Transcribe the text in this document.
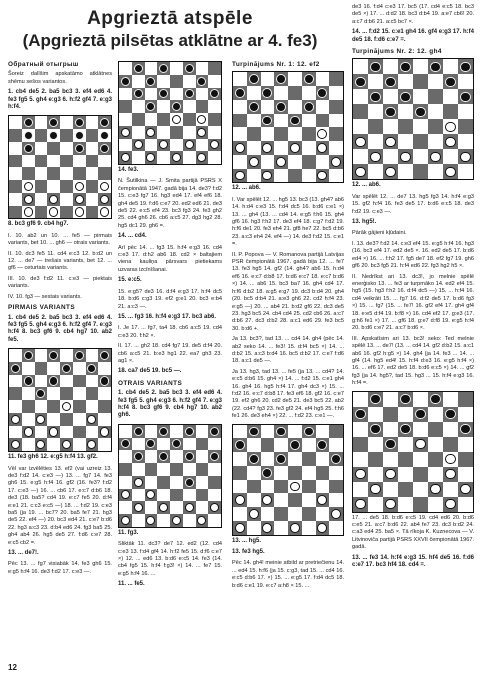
Apgrieztā atspēle
(Apgrieztā pilsētas atklātne ar 4. fe3)

Обратный отыгрыш

Šoreiz dalīšim apskatāmo atklātnes shēmu sešos variantos.

1. cb4 de5 2. ba5 bc3 3. ef4 ed6 4. fe3 fg5 5. gh4 e:g3 6. h:f2 gf4 7. e:g3 h:f4.

8. bc3 gf6 9. cb4 hg7.

I. 10. ab2 un 10. ... fe5 — pirmais variants, bet 10. ... gh6 — otrais variants.

II. 10. dc3 fe5 11. cd4 e:c3 12. b:d2 un 12. ... de7 — trešais variants, bet 12. ... gf6 — ceturtais variants.

III. 10. de3 f:d2 11. c:e3 — piektais variants.

IV. 10. fg3 — sestais variants.

PIRMAIS VARIANTS

1. cb4 de5 2. ba5 bc3 3. ef4 ed6 4. fe3 fg5 5. gh4 e:g3 6. h:f2 gf4 7. e:g3 h:f4 8. bc3 gf6 9. cb4 hg7 10. ab2 fe5.

11. fe3 gh6 12. e:g5 h:f4 13. gf2.

Vēl var izvēlēties 13. ef2 (vai uzreiz 13. de3 f:d2 14. c:e3 —) 13. ... fg7 14. fe3 gh6 15. e:g5 h:f4 16. gf2 (16. fe3? f:d2 17. c:e3 —) 16. ... cb6 17. e:c7 d:b6 18. de3 (18. ba5? cd4 19. e:c7 fe5 20. d:f4 e:e1 21. c:c3 e:c5 —) 18. ... f:d2 19. c:e3 ba5 (ja 19. ... bc7? 20. ba5 fe7 21. hg3 de5 22. ef4 —) 20. bc3 ed4 21. c:e7 b:d6 22. hg3 a:c3 23. d:b4 ed6 24. fg3 ba5 25. gh4 ab4 26. hg5 de5 27. f:d6 c:e7 28. e:c5 cb2 =.

13. ... de7!.

Pēc 13. ... fg7 visiabāk 14. fe3 gh6 15. e:g5 h:f4 16. de3 f:d2 17. c:e3 —.

14. fe3.

N. Šutilkina — J. Smita partijā PSRS X čempionātā 1947. gadā bija 14. de3? f:d2 15. c:e3 fg7 16. hg3 ed4 17. ef4 ef6 18. gh4 de5 19. f:d6 c:e7 20. ed2 ed6 21. de3 de5 22. e:c5 ef4 23. bc3 fg3 24. fe3 gh2 25. cd4 gh6 26. cb6 a:c5 27. dg3 hg2 28. hg5 dc1 29. gh6 =.

14. ... cd4.

Arī pēc 14. ... fg3 15. h:f4 e:g3 16. cd4 c:e3 17. d:h2 ab6 18. cd2 × baltajiem viena kauliņa pārsvars pietiekams uzvaras izcīnīšanai.

15. e:c5.

15. e:g5? de3 16. d:f4 e:g3 17. h:f4 dc5 18. b:d6 c:g3 19. ef2 g:e1 20. bc3 e:b4 21. a:c3 —.

15. ... fg3 16. h:f4 e:g3 17. bc3 ab6.

I. Je 17. ... fg7, ta4 18. cb6 a:c5 19. cd4 c:e3 20. f:h2 ×.

II. 17. ... gh2 18. cd4 fg7 19. de5 d:f4 20. cb6 a:c5 21. b:e3 hg1 22. ea7 gh3 23. ag1 ×.

18. ca7 de5 19. bc5 —.

OTRAIS VARIANTS

1. cb4 de5 2. ba5 bc3 3. ef4 ed6 4. fe3 fg5 5. gh4 e:g3 6. h:f2 gf4 7. e:g3 h:f4 8. bc3 gf6 9. cb4 hg7 10. ab2 gh6.

11. fg3.

Sliktāk 11. dc3? de7 12. ed2 (12. cd4 c:e3 13. f:d4 gf4 14. h:f2 fe5 15. d:f6 c:e7 ×) 12. ... ed6 13. b:d6 e:c5 14. fe3 (14. cb4 fg5 15. h:f4 f:g3! ×) 14. ... fe7 15. e:g5 h:f4 16. ...

11. ... fe5.

Turpinājums Nr. 1: 12. ef2

12. ... ab6.

I. Var spēlēt 12. ... hg5 13. bc3 (13. gh4? ab6 14. h:d4 c:e3 15. f:d4 dc5 16. b:d6 c:e1 ×) 13. ... gh4 (13. ... cd4 14. e:g5 f:h6 15. gh4 gf6 16. hg3 f:h2 17. de3 ef4 18. c:g7 f:d2 19. h:f6 de1 20. fe3 eh4 21. gf8 he7 22. bc5 d:b6 23. a:c3 eh4 24. ef4 —) 14. de3 f:d2 15. c:e1 =.

II. P. Popova — V. Romanova partijā Latvijas PSR čempionātā 1967. gadā bija 12. ... fe7 13. fe3 hg5 14. gf2 (14. gh4? ab6 15. h:d4 ef6 16. e:c7 d:b8 17. b:d6 e:c7 18. e:c7 b:d6 ×) 14. ... ab6 15. bc3 ba7 16. gh4 cd4 17. h:f6 d:b2 18. a:g5 e:g7 19. dc3 b:d4 20. gh4 (20. bc5 d:b4 21. a:e3 gh6 22. cd2 h:f4 23. e:g5 —) 20. ... ab4 21. b:d2 gf6 22. dc3 de5 23. hg3 bc5 24. cb4 cd4 25. cd2 cb6 26. a:c7 d:b6 27. dc3 d:b2 28. a:c1 ed6 29. fe3 bc5 30. b:d6 +.

Ja 13. bc3?, tad 13. ... cd4 14. gh4 (pēc 14. ab2 seko 14. ... fe3! 15. d:f4 bc5 ×) 14. ... d:b2 15. a:c3 b:d4 16. bc5 d:b2 17. c:e7 f:d6 18. a:c1 de5 —.

Ja 13. hg3, tad 13. ... fe5 (ja 13. ... cd4? 14. e:c5 d:b6 15. gh4 ×) 14. ... f:d2 15. c:e1 gh4 16. gh4 16. hg5 h:f4 17. gh4 dc3 ×) 15. ... f:d2 16. e:c7 d:b8 17. fe3 ef6 18. gf2 16. c:e7 19. ef2 gh6 20. cd2 de5 21. de3 bc5 22. ab2 (22. cd4? fg3 23. fe3 gf2 24. ef4 hg5 25. f:h6 fe1 26. de3 eh4 ×) 22. ... f:d2 23. c:e1 —.

13. ... hg5.

13. fe3 hg5.

Pēc 14. gh4! meinie atbild ar pretriečienu 14. ... ed4 15. h:f6 (ja 15. c:g3, tad 15. ... cd4 16. e:c5 d:b6 17. ×) 15. ... e:g5 17. f:d4 dc5 18. b:d6 c:e1 19. e:c7 a:h8 × 15. ...

de3 16. f:d4 c:e3 17. bc5 (17. cd4 e:c5 18. bc3 de5 ×) 17. ... d:d2 18. bc3 d:b4 19. a:e7 cb6! 20. a:c7 d:b6 21. a:c5 bc7 ×.

14. ... f:d2 15. c:e1 gh4 16. gf4 e:g3 17. h:f4 de5 18. f:d6 c:e7 =.

Turpinājums Nr. 2: 12. gh4

12. ... ab6.

Var spēlēt 12. ... de7 13. hg5 fg3 14. h:f4 e:g3 15. gf2 h:f4 16. fe3 de5 17. b:d6 e:c5 18. de3 f:d2 19. c:e3 —.

13. hg5!.

Pārāk gājieni kļūdaini.

I. 13. de3? f:d2 14. c:e3 ef4 15. e:g5 h:f4 16. hg3 (16. bc3 ef4 17. ed2 de5 ×. 16. ed2 de5 17. b:d6 ed4 ×) 16. ... f:h2 17. fg5 de7 18. ef2 fg7 19. gh6 gf6 20. bc3 fg5 21. h:f4 ed6 22. fg3 hg2 h5 ×.

II. Nedrīkst ari 13. dc3!, jo melnie spēlē enerģisko 13. ... fe3 ar turpmāko 14. ed2 ef4 15. hg5 (15. hg3 f:h2 16. d:f4 dc5 —) 15. ... h:f4 16. cd4 veikrāti 15. ... fg7 16. d:f2 de5 17. b:d6 fg3 ×) 15. ... fg7 (15. ... fe7! 16. gf2 ef4 17. gh4 gf4 18. e:e5 d:f4 19. b:f8 ×) 16. cd4 ef2 17. g:e3 (17. g:h6 fe1 ×) 17. ... gf6 18. g:e7 d:f8 19. e:g5 h:f4 20. b:d6 c:e7 21. a:c7 b:d6 ×.

III. Apskatīsim ari 13. bc3! seko: Ted melnie spēlē 13. ... de7! (13. ... cd4 14. gf2 d:b2 15. a:c1 ab6 16. gf2 h:g5 ×) 14. gh4 (ja 14. fe3 ... 14. ... gf4 (14. hg5 ed4! 15. h:f4 d:e3 16. e:g5 h:f4 ×) 16. ... ef6 17. ed2 de5 18. b:d6 e:c5 ×) 14. ... gf2 fg3 (ja 14. hg5?, tad 15. hg3 ... 15. h:f4 e:g3 16. h:f4 =.

17. ... de5 18. b:d6 e:c5 19. cd4 ed6 20. b:d6 c:e5 21. a:c7 b:d6 22. ab4 fe7 23. dc3 b:d2 24. c:a3 ed4 25. ba5 ×. Tā rīkoja K. Kuznecova — V. Litvinoviča partijā PSRS XXVII čempionātā 1967. gadā.

13. ... fe3 14. h:f4 e:g3 15. hf4 de5 16. f:d6 c:e7 17. bc3 hf4 18. cd4 =.

12
